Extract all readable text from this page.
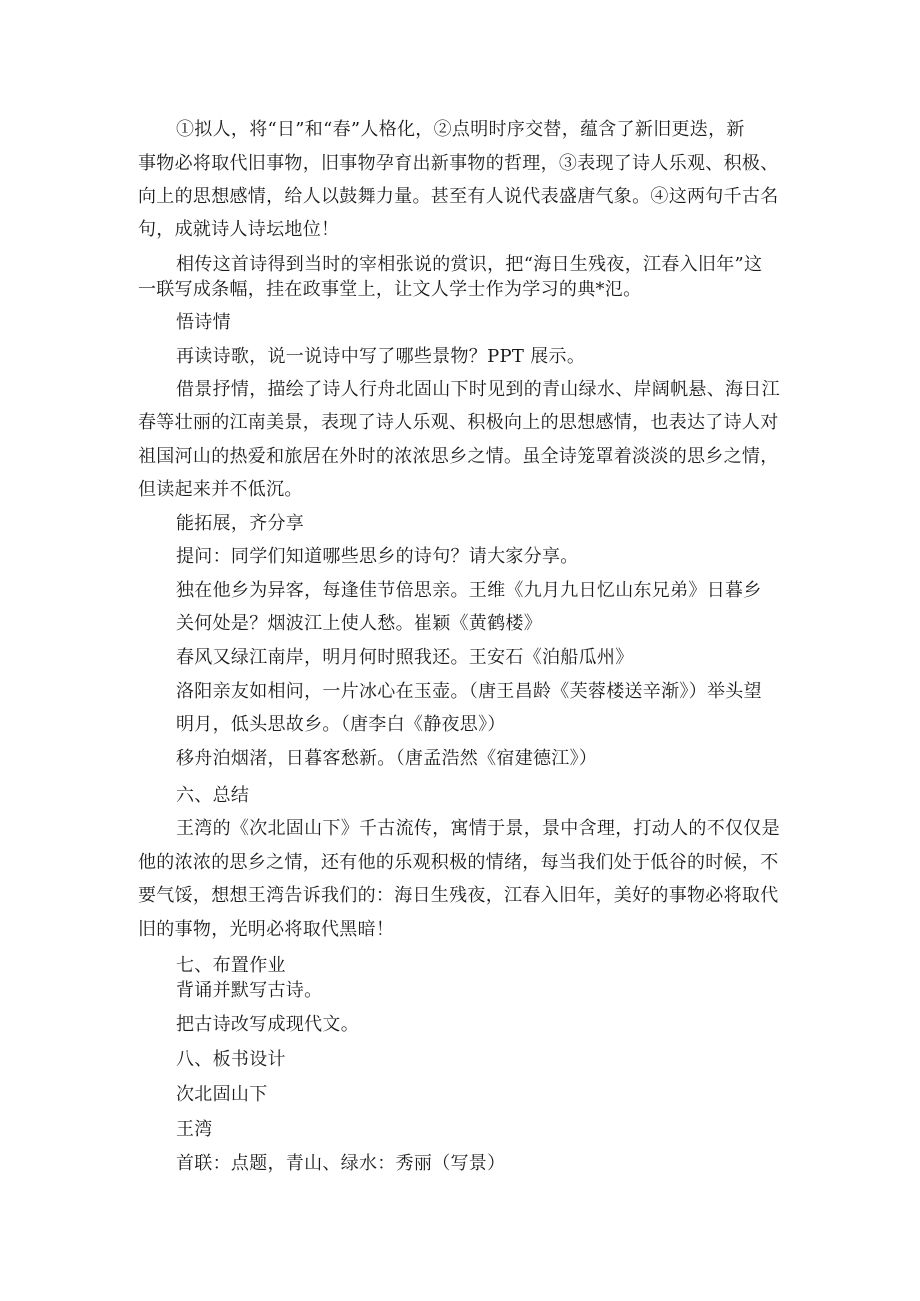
①拟人，将“日”和“春”人格化，②点明时序交替，蕴含了新旧更迭，新
事物必将取代旧事物，旧事物孕育出新事物的哲理，③表现了诗人乐观、积极、
向上的思想感情，给人以鼓舞力量。甚至有人说代表盛唐气象。④这两句千古名
句，成就诗人诗坛地位！
相传这首诗得到当时的宰相张说的赏识，把“海日生残夜，江春入旧年”这
一联写成条幅，挂在政事堂上，让文人学士作为学习的典*氾。
悟诗情
再读诗歌，说一说诗中写了哪些景物？PPT 展示。
借景抒情，描绘了诗人行舟北固山下时见到的青山绿水、岸阔帆悬、海日江
春等壮丽的江南美景，表现了诗人乐观、积极向上的思想感情，也表达了诗人对
祖国河山的热爱和旅居在外时的浓浓思乡之情。虽全诗笼罩着淡淡的思乡之情，
但读起来并不低沉。
能拓展，齐分享
提问：同学们知道哪些思乡的诗句？请大家分享。
独在他乡为异客，每逢佳节倍思亲。王维《九月九日忆山东兄弟》日暮乡
关何处是？烟波江上使人愁。崔颖《黄鹤楼》
春风又绿江南岸，明月何时照我还。王安石《泊船瓜州》
洛阳亲友如相问，一片冰心在玉壶。（唐王昌龄《芙蓉楼送辛渐》）举头望
明月，低头思故乡。（唐李白《静夜思》）
移舟泊烟渚，日暮客愁新。（唐孟浩然《宿建德江》）
六、总结
王湾的《次北固山下》千古流传，寓情于景，景中含理，打动人的不仅仅是
他的浓浓的思乡之情，还有他的乐观积极的情绪，每当我们处于低谷的时候，不
要气馁，想想王湾告诉我们的：海日生残夜，江春入旧年，美好的事物必将取代
旧的事物，光明必将取代黑暗！
七、布置作业
背诵并默写古诗。
把古诗改写成现代文。
八、板书设计
次北固山下
王湾
首联：点题，青山、绿水：秀丽（写景）
